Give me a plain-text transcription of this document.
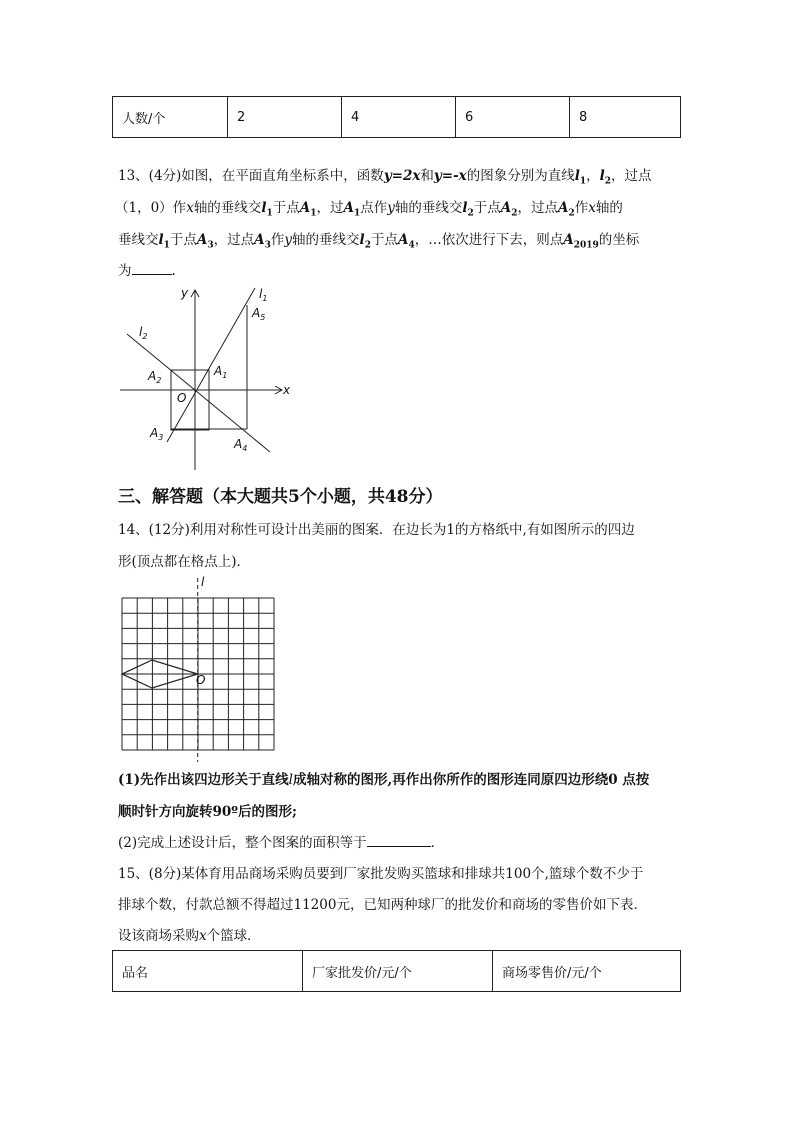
人数/个	2	4	6	8
13、(4分)如图，在平面直角坐标系中，函数y=2x和y=-x的图象分别为直线$l_1$，$l_2$，过点
（1，0）作x轴的垂线交$l_1$于点$A_1$，过$A_1$点作y轴的垂线交$l_2$于点$A_2$，过点$A_2$作x轴的
垂线交$l_1$于点$A_3$，过点$A_3$作y轴的垂线交$l_2$于点$A_4$，…依次进行下去，则点$A_{2019}$的坐标
为	.
y
x
O
$l_1$
$l_2$
$A_5$
$A_1$
$A_2$
$A_3$	$A_4$
三、解答题（本大题共5个小题，共48分）
14、(12分)利用对称性可设计出美丽的图案．在边长为1的方格纸中,有如图所示的四边
形(顶点都在格点上)．
l
O
(1)先作出该四边形关于直线l成轴对称的图形,再作出你所作的图形连同原四边形绕0 点按
顺时针方向旋转90º后的图形;
(2)完成上述设计后，整个图案的面积等于	．
15、(8分)某体育用品商场采购员要到厂家批发购买篮球和排球共100个,篮球个数不少于
排球个数，付款总额不得超过11200元，已知两种球厂的批发价和商场的零售价如下表．
设该商场采购x个篮球．
品名	厂家批发价/元/个	商场零售价/元/个
